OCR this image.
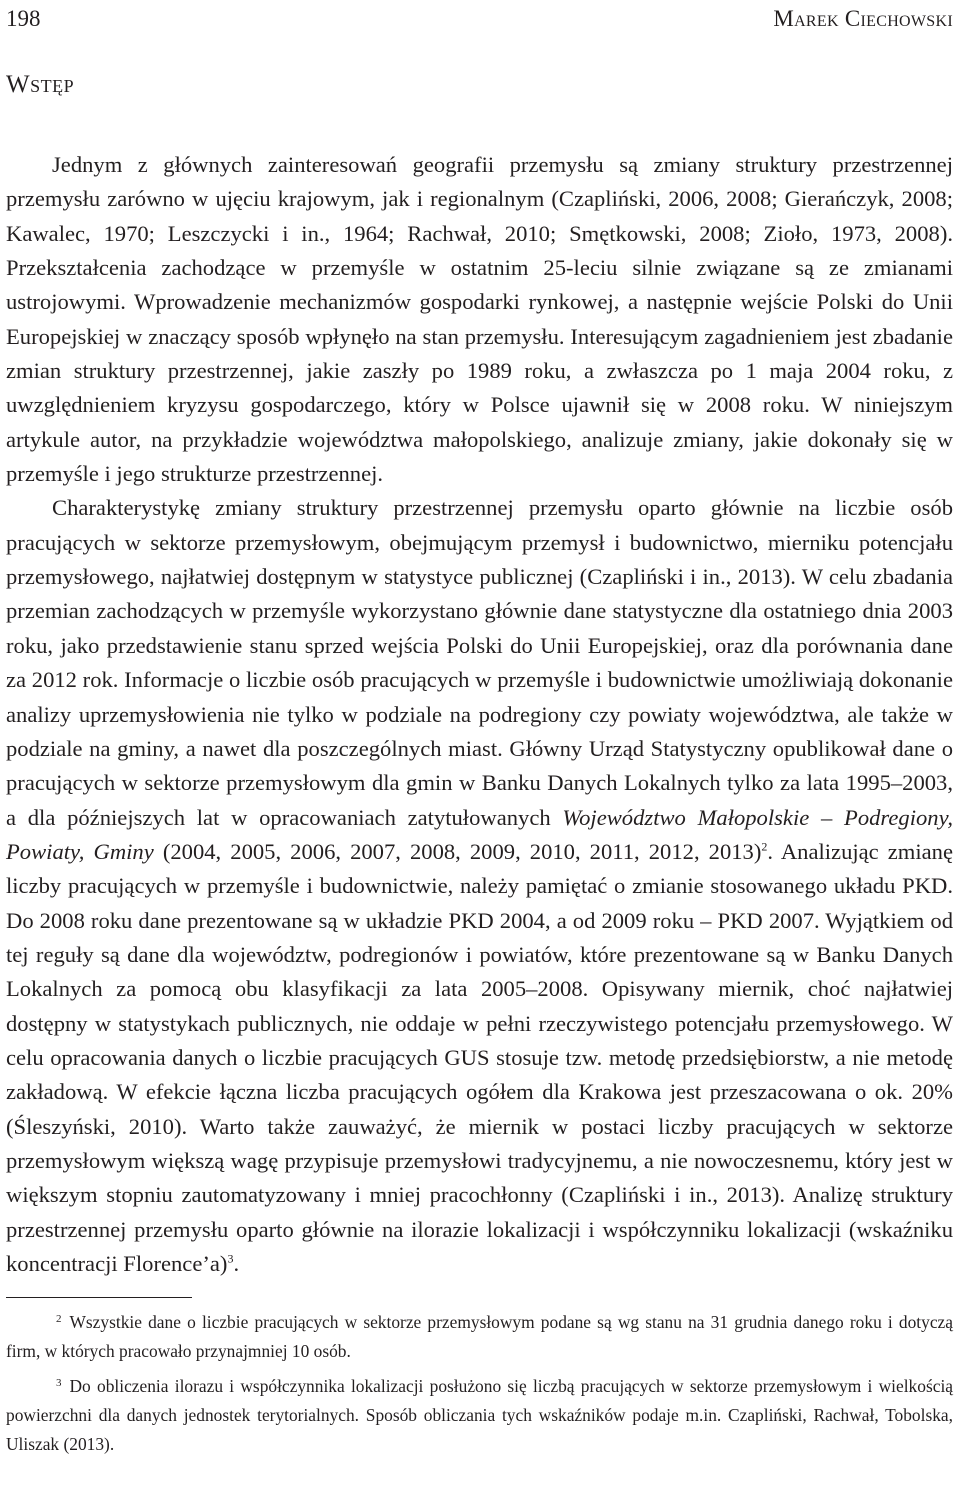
198	Marek Ciechowski
Wstęp

Jednym z głównych zainteresowań geografii przemysłu są zmiany struktury przestrzennej przemysłu zarówno w ujęciu krajowym, jak i regionalnym (Czapliński, 2006, 2008; Gierańczyk, 2008; Kawalec, 1970; Leszczycki i in., 1964; Rachwał, 2010; Smętkowski, 2008; Zioło, 1973, 2008). Przekształcenia zachodzące w przemyśle w ostatnim 25-leciu silnie związane są ze zmianami ustrojowymi. Wprowadzenie mechanizmów gospodarki rynkowej, a następnie wejście Polski do Unii Europejskiej w znaczący sposób wpłynęło na stan przemysłu. Interesującym zagadnieniem jest zbadanie zmian struktury przestrzennej, jakie zaszły po 1989 roku, a zwłaszcza po 1 maja 2004 roku, z uwzględnieniem kryzysu gospodarczego, który w Polsce ujawnił się w 2008 roku. W niniejszym artykule autor, na przykładzie województwa małopolskiego, analizuje zmiany, jakie dokonały się w przemyśle i jego strukturze przestrzennej.

Charakterystykę zmiany struktury przestrzennej przemysłu oparto głównie na liczbie osób pracujących w sektorze przemysłowym, obejmującym przemysł i budownictwo, mierniku potencjału przemysłowego, najłatwiej dostępnym w statystyce publicznej (Czapliński i in., 2013). W celu zbadania przemian zachodzących w przemyśle wykorzystano głównie dane statystyczne dla ostatniego dnia 2003 roku, jako przedstawienie stanu sprzed wejścia Polski do Unii Europejskiej, oraz dla porównania dane za 2012 rok. Informacje o liczbie osób pracujących w przemyśle i budownictwie umożliwiają dokonanie analizy uprzemysłowienia nie tylko w podziale na podregiony czy powiaty województwa, ale także w podziale na gminy, a nawet dla poszczególnych miast. Główny Urząd Statystyczny opublikował dane o pracujących w sektorze przemysłowym dla gmin w Banku Danych Lokalnych tylko za lata 1995–2003, a dla późniejszych lat w opracowaniach zatytułowanych Województwo Małopolskie – Podregiony, Powiaty, Gminy (2004, 2005, 2006, 2007, 2008, 2009, 2010, 2011, 2012, 2013)$^2$. Analizując zmianę liczby pracujących w przemyśle i budownictwie, należy pamiętać o zmianie stosowanego układu PKD. Do 2008 roku dane prezentowane są w układzie PKD 2004, a od 2009 roku – PKD 2007. Wyjątkiem od tej reguły są dane dla województw, podregionów i powiatów, które prezentowane są w Banku Danych Lokalnych za pomocą obu klasyfikacji za lata 2005–2008. Opisywany miernik, choć najłatwiej dostępny w statystykach publicznych, nie oddaje w pełni rzeczywistego potencjału przemysłowego. W celu opracowania danych o liczbie pracujących GUS stosuje tzw. metodę przedsiębiorstw, a nie metodę zakładową. W efekcie łączna liczba pracujących ogółem dla Krakowa jest przeszacowana o ok. 20% (Śleszyński, 2010). Warto także zauważyć, że miernik w postaci liczby pracujących w sektorze przemysłowym większą wagę przypisuje przemysłowi tradycyjnemu, a nie nowoczesnemu, który jest w większym stopniu zautomatyzowany i mniej pracochłonny (Czapliński i in., 2013). Analizę struktury przestrzennej przemysłu oparto głównie na ilorazie lokalizacji i współczynniku lokalizacji (wskaźniku koncentracji Florence’a)$^3$.

$^2$ Wszystkie dane o liczbie pracujących w sektorze przemysłowym podane są wg stanu na 31 grudnia danego roku i dotyczą firm, w których pracowało przynajmniej 10 osób.

$^3$ Do obliczenia ilorazu i współczynnika lokalizacji posłużono się liczbą pracujących w sektorze przemysłowym i wielkością powierzchni dla danych jednostek terytorialnych. Sposób obliczania tych wskaźników podaje m.in. Czapliński, Rachwał, Tobolska, Uliszak (2013).
